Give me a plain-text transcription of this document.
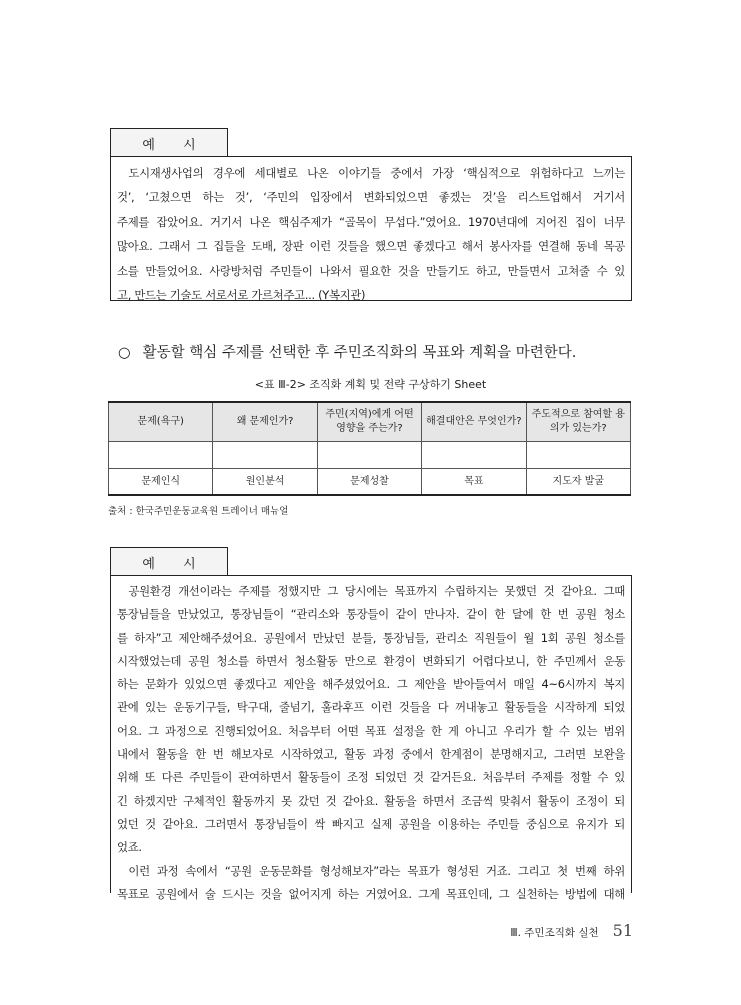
예 시
도시재생사업의 경우에 세대별로 나온 이야기들 중에서 가장 ‘핵심적으로 위험하다고 느끼는
것’, ‘고쳤으면 하는 것’, ‘주민의 입장에서 변화되었으면 좋겠는 것’을 리스트업해서 거기서
주제를 잡았어요. 거기서 나온 핵심주제가 “골목이 무섭다.”였어요. 1970년대에 지어진 집이 너무
많아요. 그래서 그 집들을 도배, 장판 이런 것들을 했으면 좋겠다고 해서 봉사자를 연결해 동네 목공
소를 만들었어요. 사랑방처럼 주민들이 나와서 필요한 것을 만들기도 하고, 만들면서 고쳐줄 수 있
고, 만드는 기술도 서로서로 가르쳐주고... (Y복지관)
○ 활동할 핵심 주제를 선택한 후 주민조직화의 목표와 계획을 마련한다.
<표 Ⅲ-2> 조직화 계획 및 전략 구상하기 Sheet
문제(욕구)	왜 문제인가?	주민(지역)에게 어떤 영향을 주는가?	해결대안은 무엇인가?	주도적으로 참여할 용의가 있는가?

문제인식	원인분석	문제성찰	목표	지도자 발굴
출처 : 한국주민운동교육원 트레이너 매뉴얼
예 시
공원환경 개선이라는 주제를 정했지만 그 당시에는 목표까지 수립하지는 못했던 것 같아요. 그때
통장님들을 만났었고, 통장님들이 “관리소와 통장들이 같이 만나자. 같이 한 달에 한 번 공원 청소
를 하자”고 제안해주셨어요. 공원에서 만났던 분들, 통장님들, 관리소 직원들이 월 1회 공원 청소를
시작했었는데 공원 청소를 하면서 청소활동 만으로 환경이 변화되기 어렵다보니, 한 주민께서 운동
하는 문화가 있었으면 좋겠다고 제안을 해주셨었어요. 그 제안을 받아들여서 매일 4~6시까지 복지
관에 있는 운동기구들, 탁구대, 줄넘기, 훌라후프 이런 것들을 다 꺼내놓고 활동들을 시작하게 되었
어요. 그 과정으로 진행되었어요. 처음부터 어떤 목표 설정을 한 게 아니고 우리가 할 수 있는 범위
내에서 활동을 한 번 해보자로 시작하였고, 활동 과정 중에서 한계점이 분명해지고, 그러면 보완을
위해 또 다른 주민들이 관여하면서 활동들이 조정 되었던 것 같거든요. 처음부터 주제를 정할 수 있
긴 하겠지만 구체적인 활동까지 못 갔던 것 같아요. 활동을 하면서 조금씩 맞춰서 활동이 조정이 되
었던 것 같아요. 그러면서 통장님들이 싹 빠지고 실제 공원을 이용하는 주민들 중심으로 유지가 되
었죠.
이런 과정 속에서 “공원 운동문화를 형성해보자”라는 목표가 형성된 거죠. 그리고 첫 번째 하위
목표로 공원에서 술 드시는 것을 없어지게 하는 거였어요. 그게 목표인데, 그 실천하는 방법에 대해
Ⅲ. 주민조직화 실천 51
